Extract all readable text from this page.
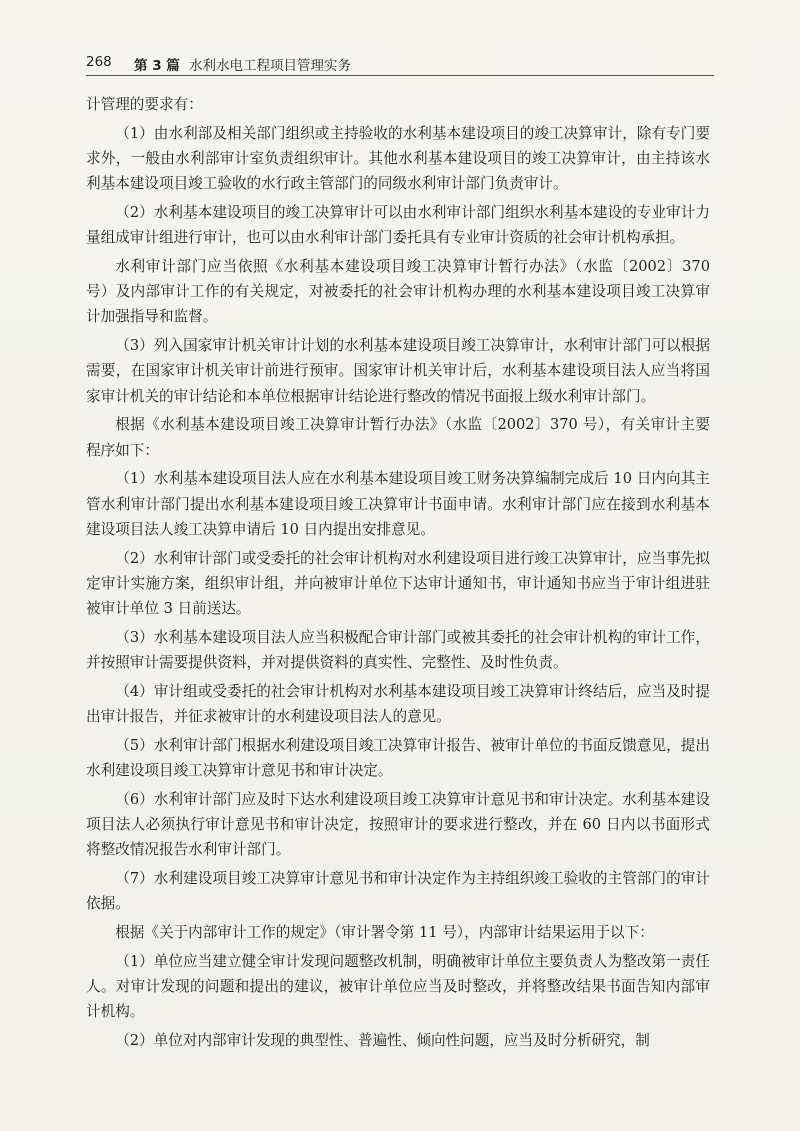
268 第 3 篇 水利水电工程项目管理实务

计管理的要求有：

（1）由水利部及相关部门组织或主持验收的水利基本建设项目的竣工决算审计，除有专门要求外，一般由水利部审计室负责组织审计。其他水利基本建设项目的竣工决算审计，由主持该水利基本建设项目竣工验收的水行政主管部门的同级水利审计部门负责审计。

（2）水利基本建设项目的竣工决算审计可以由水利审计部门组织水利基本建设的专业审计力量组成审计组进行审计，也可以由水利审计部门委托具有专业审计资质的社会审计机构承担。

水利审计部门应当依照《水利基本建设项目竣工决算审计暂行办法》（水监〔2002〕370 号）及内部审计工作的有关规定，对被委托的社会审计机构办理的水利基本建设项目竣工决算审计加强指导和监督。

（3）列入国家审计机关审计计划的水利基本建设项目竣工决算审计，水利审计部门可以根据需要，在国家审计机关审计前进行预审。国家审计机关审计后，水利基本建设项目法人应当将国家审计机关的审计结论和本单位根据审计结论进行整改的情况书面报上级水利审计部门。

根据《水利基本建设项目竣工决算审计暂行办法》（水监〔2002〕370 号），有关审计主要程序如下：

（1）水利基本建设项目法人应在水利基本建设项目竣工财务决算编制完成后 10 日内向其主管水利审计部门提出水利基本建设项目竣工决算审计书面申请。水利审计部门应在接到水利基本建设项目法人竣工决算申请后 10 日内提出安排意见。

（2）水利审计部门或受委托的社会审计机构对水利建设项目进行竣工决算审计，应当事先拟定审计实施方案，组织审计组，并向被审计单位下达审计通知书，审计通知书应当于审计组进驻被审计单位 3 日前送达。

（3）水利基本建设项目法人应当积极配合审计部门或被其委托的社会审计机构的审计工作，并按照审计需要提供资料，并对提供资料的真实性、完整性、及时性负责。

（4）审计组或受委托的社会审计机构对水利基本建设项目竣工决算审计终结后，应当及时提出审计报告，并征求被审计的水利建设项目法人的意见。

（5）水利审计部门根据水利建设项目竣工决算审计报告、被审计单位的书面反馈意见，提出水利建设项目竣工决算审计意见书和审计决定。

（6）水利审计部门应及时下达水利建设项目竣工决算审计意见书和审计决定。水利基本建设项目法人必须执行审计意见书和审计决定，按照审计的要求进行整改，并在 60 日内以书面形式将整改情况报告水利审计部门。

（7）水利建设项目竣工决算审计意见书和审计决定作为主持组织竣工验收的主管部门的审计依据。

根据《关于内部审计工作的规定》（审计署令第 11 号），内部审计结果运用于以下：

（1）单位应当建立健全审计发现问题整改机制，明确被审计单位主要负责人为整改第一责任人。对审计发现的问题和提出的建议，被审计单位应当及时整改，并将整改结果书面告知内部审计机构。

（2）单位对内部审计发现的典型性、普遍性、倾向性问题，应当及时分析研究，制
